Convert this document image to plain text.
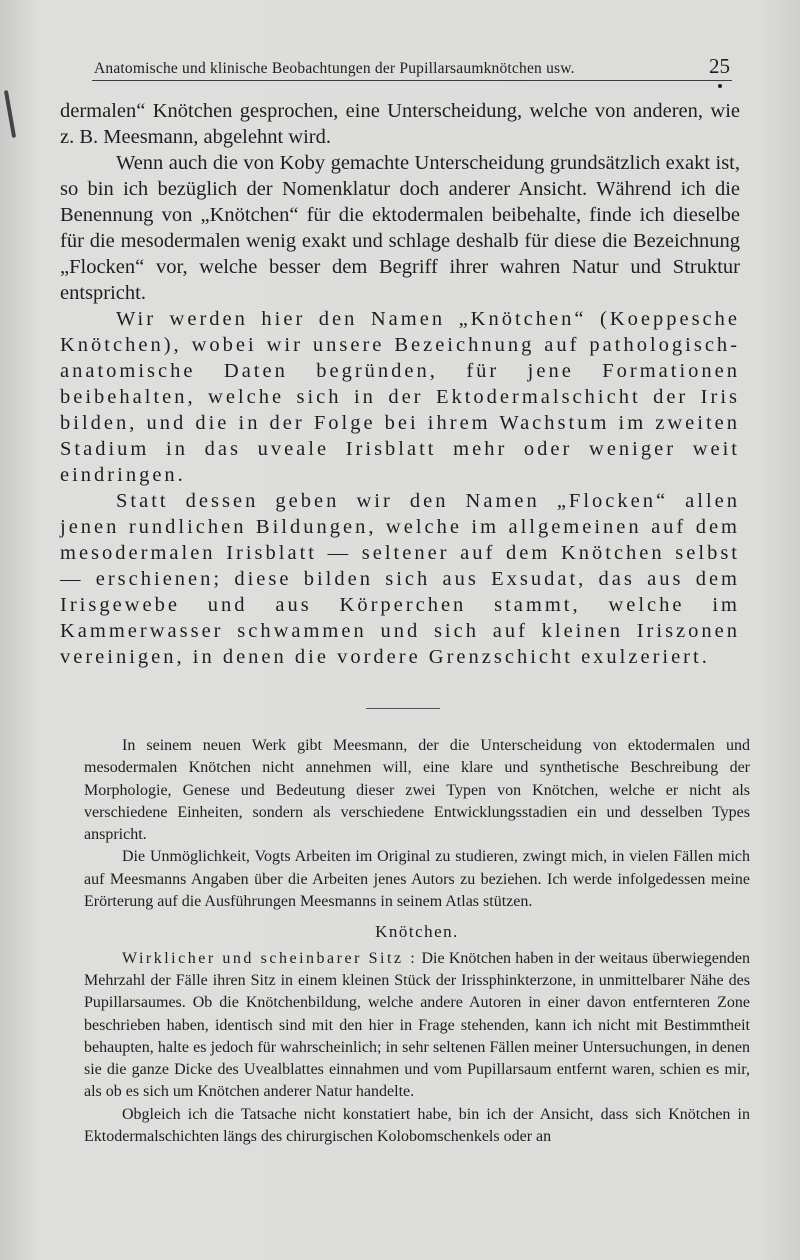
Anatomische und klinische Beobachtungen der Pupillarsaumknötchen usw.	25

dermalen“ Knötchen gesprochen, eine Unterscheidung, welche von anderen, wie z. B. Meesmann, abgelehnt wird.

Wenn auch die von Koby gemachte Unterscheidung grundsätzlich exakt ist, so bin ich bezüglich der Nomenklatur doch anderer Ansicht. Während ich die Benennung von „Knötchen“ für die ektodermalen beibehalte, finde ich dieselbe für die mesodermalen wenig exakt und schlage deshalb für diese die Bezeichnung „Flocken“ vor, welche besser dem Begriff ihrer wahren Natur und Struktur entspricht.

Wir werden hier den Namen „Knötchen“ (Koeppesche Knötchen), wobei wir unsere Bezeichnung auf pathologisch-anatomische Daten begründen, für jene Formationen beibehalten, welche sich in der Ektodermalschicht der Iris bilden, und die in der Folge bei ihrem Wachstum im zweiten Stadium in das uveale Irisblatt mehr oder weniger weit eindringen.

Statt dessen geben wir den Namen „Flocken“ allen jenen rundlichen Bildungen, welche im allgemeinen auf dem mesodermalen Irisblatt — seltener auf dem Knötchen selbst — erschienen; diese bilden sich aus Exsudat, das aus dem Irisgewebe und aus Körperchen stammt, welche im Kammerwasser schwammen und sich auf kleinen Iriszonen vereinigen, in denen die vordere Grenzschicht exulzeriert.

In seinem neuen Werk gibt Meesmann, der die Unterscheidung von ektodermalen und mesodermalen Knötchen nicht annehmen will, eine klare und synthetische Beschreibung der Morphologie, Genese und Bedeutung dieser zwei Typen von Knötchen, welche er nicht als verschiedene Einheiten, sondern als verschiedene Entwicklungsstadien ein und desselben Types anspricht.

Die Unmöglichkeit, Vogts Arbeiten im Original zu studieren, zwingt mich, in vielen Fällen mich auf Meesmanns Angaben über die Arbeiten jenes Autors zu beziehen. Ich werde infolgedessen meine Erörterung auf die Ausführungen Meesmanns in seinem Atlas stützen.

Knötchen.

Wirklicher und scheinbarer Sitz : Die Knötchen haben in der weitaus überwiegenden Mehrzahl der Fälle ihren Sitz in einem kleinen Stück der Irissphinkterzone, in unmittelbarer Nähe des Pupillarsaumes. Ob die Knötchenbildung, welche andere Autoren in einer davon entfernteren Zone beschrieben haben, identisch sind mit den hier in Frage stehenden, kann ich nicht mit Bestimmtheit behaupten, halte es jedoch für wahrscheinlich; in sehr seltenen Fällen meiner Untersuchungen, in denen sie die ganze Dicke des Uvealblattes einnahmen und vom Pupillarsaum entfernt waren, schien es mir, als ob es sich um Knötchen anderer Natur handelte.

Obgleich ich die Tatsache nicht konstatiert habe, bin ich der Ansicht, dass sich Knötchen in Ektodermalschichten längs des chirurgischen Kolobomschenkels oder an
